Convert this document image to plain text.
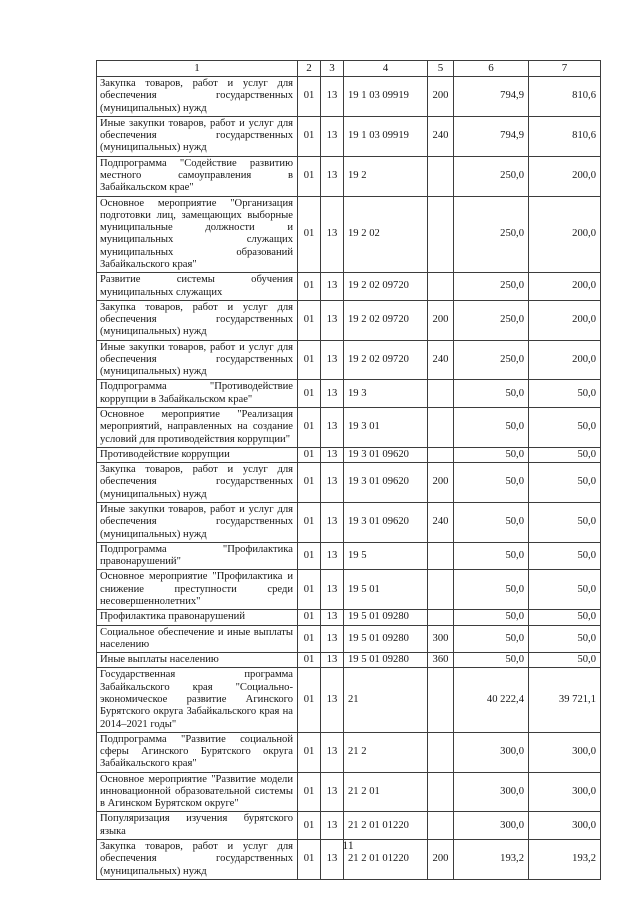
1	2	3	4	5	6	7
Закупка товаров, работ и услуг для обеспечения государственных (муниципальных) нужд	01	13	19 1 03 09919	200	794,9	810,6
Иные закупки товаров, работ и услуг для обеспечения государственных (муниципальных) нужд	01	13	19 1 03 09919	240	794,9	810,6
Подпрограмма "Содействие развитию местного самоуправления в Забайкальском крае"	01	13	19 2		250,0	200,0
Основное мероприятие "Организация подготовки лиц, замещающих выборные муниципальные должности и муниципальных служащих муниципальных образований Забайкальского края"	01	13	19 2 02		250,0	200,0
Развитие системы обучения муниципальных служащих	01	13	19 2 02 09720		250,0	200,0
Закупка товаров, работ и услуг для обеспечения государственных (муниципальных) нужд	01	13	19 2 02 09720	200	250,0	200,0
Иные закупки товаров, работ и услуг для обеспечения государственных (муниципальных) нужд	01	13	19 2 02 09720	240	250,0	200,0
Подпрограмма "Противодействие коррупции в Забайкальском крае"	01	13	19 3		50,0	50,0
Основное мероприятие "Реализация мероприятий, направленных на создание условий для противодействия коррупции"	01	13	19 3 01		50,0	50,0
Противодействие коррупции	01	13	19 3 01 09620		50,0	50,0
Закупка товаров, работ и услуг для обеспечения государственных (муниципальных) нужд	01	13	19 3 01 09620	200	50,0	50,0
Иные закупки товаров, работ и услуг для обеспечения государственных (муниципальных) нужд	01	13	19 3 01 09620	240	50,0	50,0
Подпрограмма "Профилактика правонарушений"	01	13	19 5		50,0	50,0
Основное мероприятие "Профилактика и снижение преступности среди несовершеннолетних"	01	13	19 5 01		50,0	50,0
Профилактика правонарушений	01	13	19 5 01 09280		50,0	50,0
Социальное обеспечение и иные выплаты населению	01	13	19 5 01 09280	300	50,0	50,0
Иные выплаты населению	01	13	19 5 01 09280	360	50,0	50,0
Государственная программа Забайкальского края "Социально-экономическое развитие Агинского Бурятского округа Забайкальского края на 2014–2021 годы"	01	13	21		40 222,4	39 721,1
Подпрограмма "Развитие социальной сферы Агинского Бурятского округа Забайкальского края"	01	13	21 2		300,0	300,0
Основное мероприятие "Развитие модели инновационной образовательной системы в Агинском Бурятском округе"	01	13	21 2 01		300,0	300,0
Популяризация изучения бурятского языка	01	13	21 2 01 01220		300,0	300,0
Закупка товаров, работ и услуг для обеспечения государственных (муниципальных) нужд	01	13	21 2 01 01220	200	193,2	193,2
11
